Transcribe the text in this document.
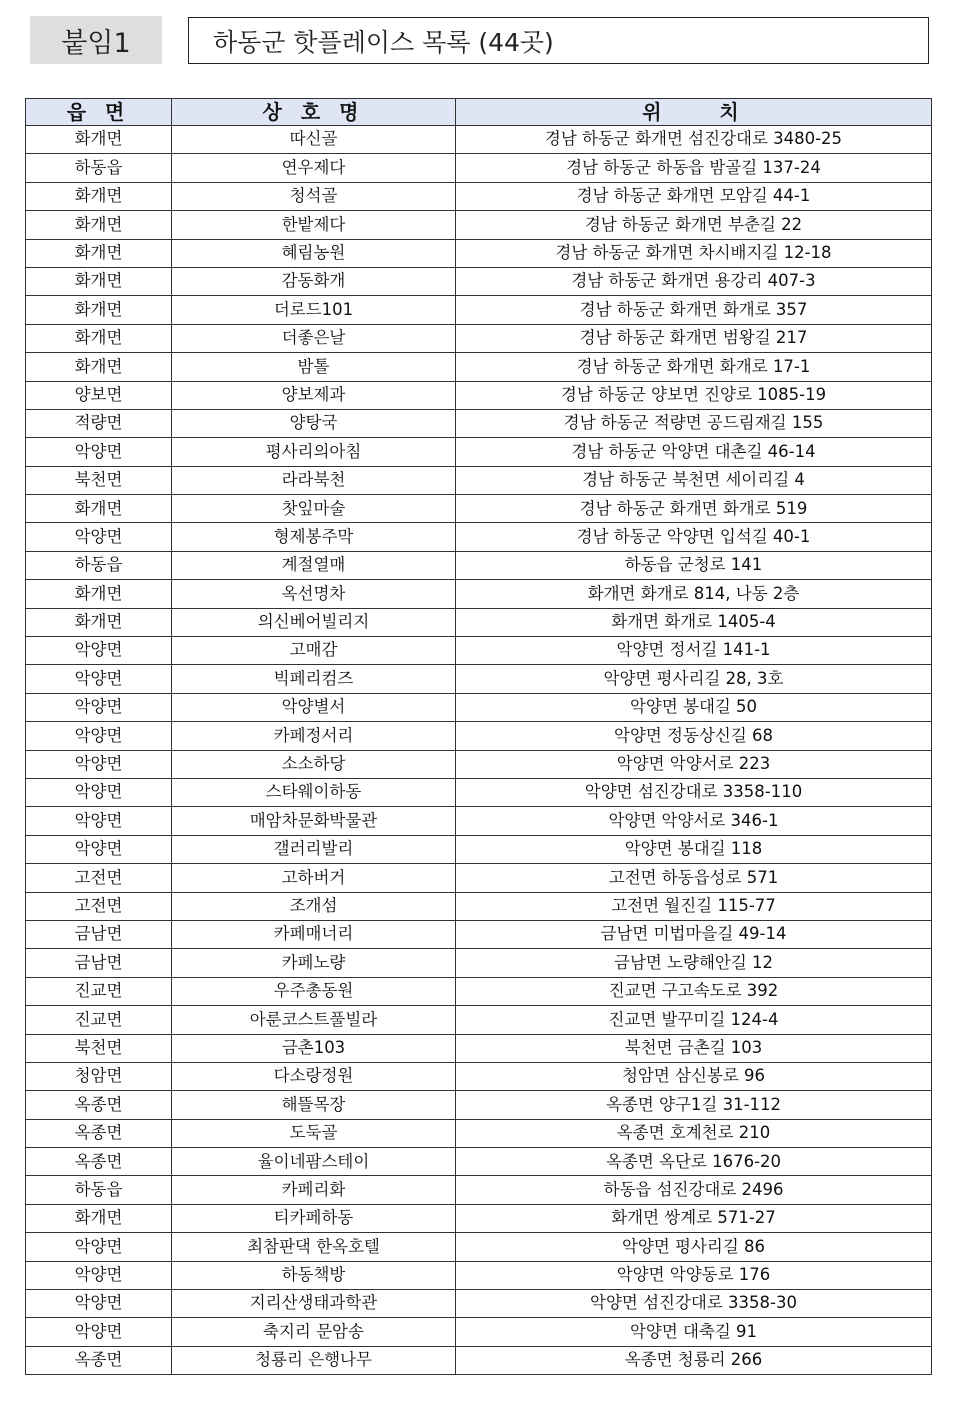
붙임1	하동군 핫플레이스 목록 (44곳)
읍 면	상 호 명	위    치
화개면	따신골	경남 하동군 화개면 섬진강대로 3480-25
하동읍	연우제다	경남 하동군 하동읍 밤골길 137-24
화개면	청석골	경남 하동군 화개면 모암길 44-1
화개면	한밭제다	경남 하동군 화개면 부춘길 22
화개면	혜림농원	경남 하동군 화개면 차시배지길 12-18
화개면	감동화개	경남 하동군 화개면 용강리 407-3
화개면	더로드101	경남 하동군 화개면 화개로 357
화개면	더좋은날	경남 하동군 화개면 범왕길 217
화개면	밤톨	경남 하동군 화개면 화개로 17-1
양보면	양보제과	경남 하동군 양보면 진양로 1085-19
적량면	양탕국	경남 하동군 적량면 공드림재길 155
악양면	평사리의아침	경남 하동군 악양면 대촌길 46-14
북천면	라라북천	경남 하동군 북천면 세이리길 4
화개면	찻잎마술	경남 하동군 화개면 화개로 519
악양면	형제봉주막	경남 하동군 악양면 입석길 40-1
하동읍	계절열매	하동읍 군청로 141
화개면	옥선명차	화개면 화개로 814, 나동 2층
화개면	의신베어빌리지	화개면 화개로 1405-4
악양면	고매감	악양면 정서길 141-1
악양면	빅페리컴즈	악양면 평사리길 28, 3호
악양면	악양별서	악양면 봉대길 50
악양면	카페정서리	악양면 정동상신길 68
악양면	소소하당	악양면 악양서로 223
악양면	스타웨이하동	악양면 섬진강대로 3358-110
악양면	매암차문화박물관	악양면 악양서로 346-1
악양면	갤러리발리	악양면 봉대길 118
고전면	고하버거	고전면 하동읍성로 571
고전면	조개섬	고전면 월진길 115-77
금남면	카페매너리	금남면 미법마을길 49-14
금남면	카페노량	금남면 노량해안길 12
진교면	우주총동원	진교면 구고속도로 392
진교면	아룬코스트풀빌라	진교면 발꾸미길 124-4
북천면	금촌103	북천면 금촌길 103
청암면	다소랑정원	청암면 삼신봉로 96
옥종면	해뜰목장	옥종면 양구1길 31-112
옥종면	도둑골	옥종면 호계천로 210
옥종면	율이네팜스테이	옥종면 옥단로 1676-20
하동읍	카페리화	하동읍 섬진강대로 2496
화개면	티카페하동	화개면 쌍계로 571-27
악양면	최참판댁 한옥호텔	악양면 평사리길 86
악양면	하동책방	악양면 악양동로 176
악양면	지리산생태과학관	악양면 섬진강대로 3358-30
악양면	축지리 문암송	악양면 대축길 91
옥종면	청룡리 은행나무	옥종면 청룡리 266
